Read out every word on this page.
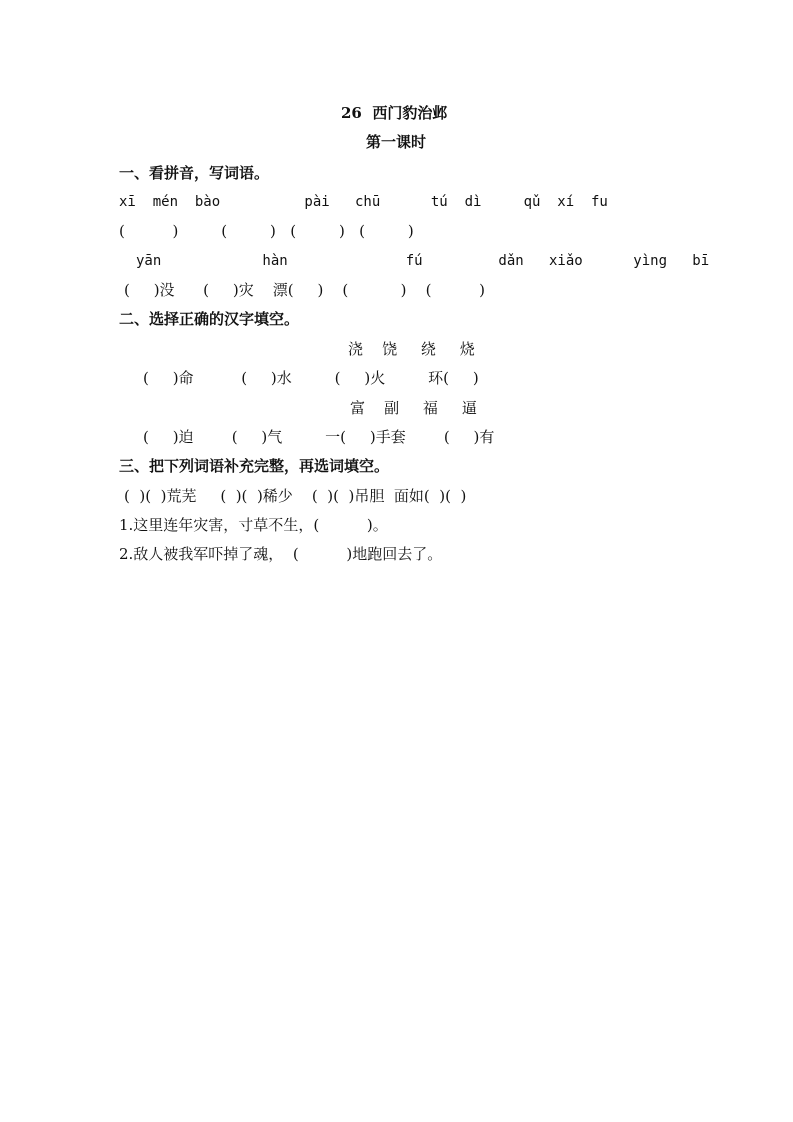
26  西门豹治邺
第一课时
一、看拼音，写词语。
xī  mén  bào          pài   chū      tú  dì     qǔ  xí  fu
(          )         (         )   (         )   (         )
yān            hàn              fú         dǎn   xiǎo      yìng   bī
(     )没      (     )灾    漂(     )    (           )    (          )
二、选择正确的汉字填空。
浇    饶     绕     烧
(     )命          (     )水         (     )火         环(     )
富    副     福     逼
(     )迫        (     )气         一(     )手套        (     )有
三、把下列词语补充完整，再选词填空。
(  )(  )荒芜     (  )(  )稀少    (  )(  )吊胆  面如(  )(  )
1.这里连年灾害，寸草不生，(          )。
2.敌人被我军吓掉了魂，  (          )地跑回去了。
